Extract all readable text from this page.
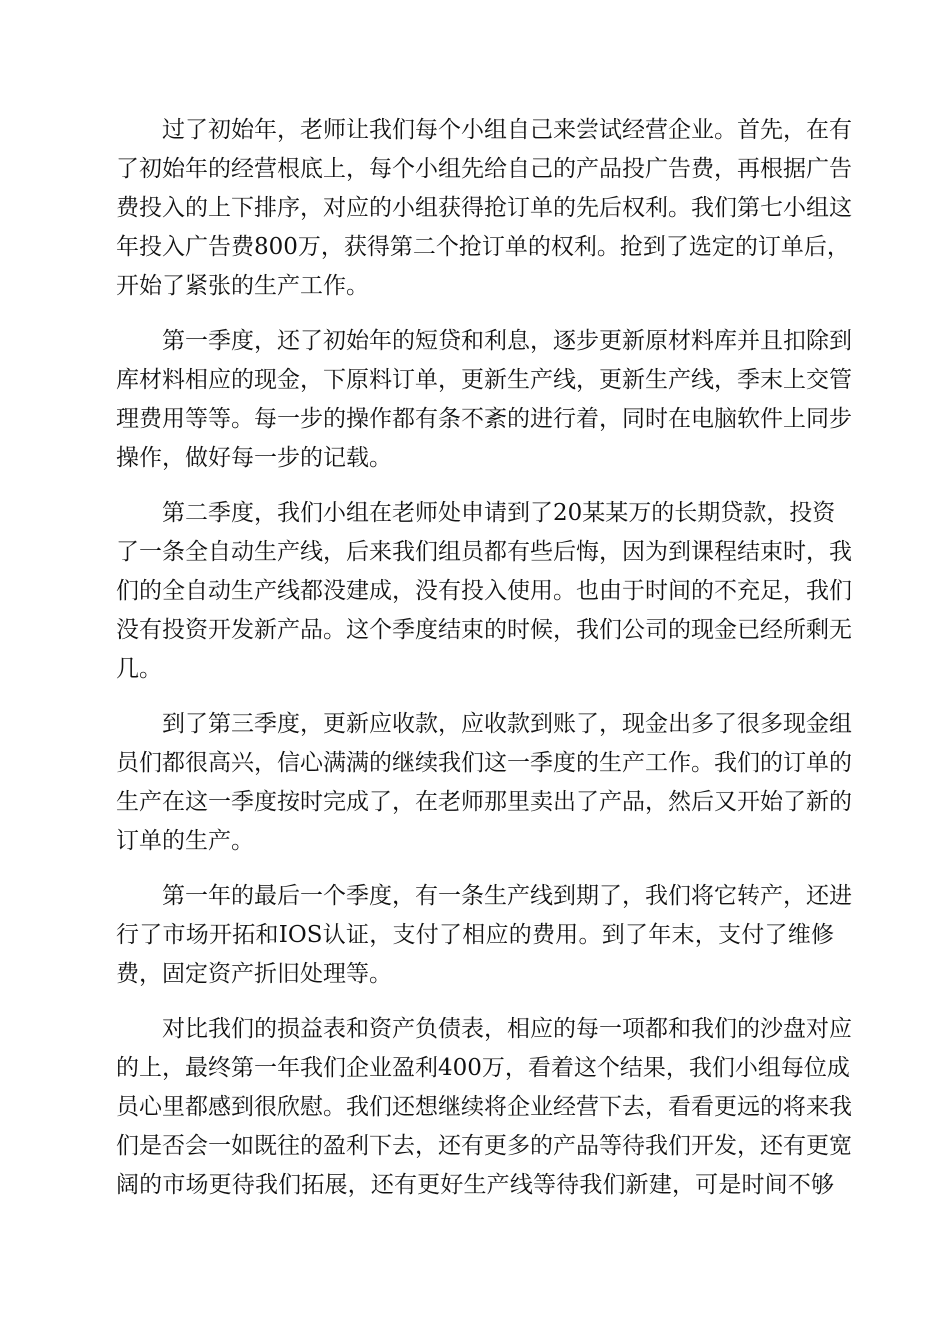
过了初始年，老师让我们每个小组自己来尝试经营企业。首先，在有
了初始年的经营根底上，每个小组先给自己的产品投广告费，再根据广告
费投入的上下排序，对应的小组获得抢订单的先后权利。我们第七小组这
年投入广告费800万，获得第二个抢订单的权利。抢到了选定的订单后，
开始了紧张的生产工作。

第一季度，还了初始年的短贷和利息，逐步更新原材料库并且扣除到
库材料相应的现金，下原料订单，更新生产线，更新生产线，季末上交管
理费用等等。每一步的操作都有条不紊的进行着，同时在电脑软件上同步
操作，做好每一步的记载。

第二季度，我们小组在老师处申请到了20某某万的长期贷款，投资
了一条全自动生产线，后来我们组员都有些后悔，因为到课程结束时，我
们的全自动生产线都没建成，没有投入使用。也由于时间的不充足，我们
没有投资开发新产品。这个季度结束的时候，我们公司的现金已经所剩无
几。

到了第三季度，更新应收款，应收款到账了，现金出多了很多现金组
员们都很高兴，信心满满的继续我们这一季度的生产工作。我们的订单的
生产在这一季度按时完成了，在老师那里卖出了产品，然后又开始了新的
订单的生产。

第一年的最后一个季度，有一条生产线到期了，我们将它转产，还进
行了市场开拓和IOS认证，支付了相应的费用。到了年末，支付了维修
费，固定资产折旧处理等。

对比我们的损益表和资产负债表，相应的每一项都和我们的沙盘对应
的上，最终第一年我们企业盈利400万，看着这个结果，我们小组每位成
员心里都感到很欣慰。我们还想继续将企业经营下去，看看更远的将来我
们是否会一如既往的盈利下去，还有更多的产品等待我们开发，还有更宽
阔的市场更待我们拓展，还有更好生产线等待我们新建，可是时间不够
